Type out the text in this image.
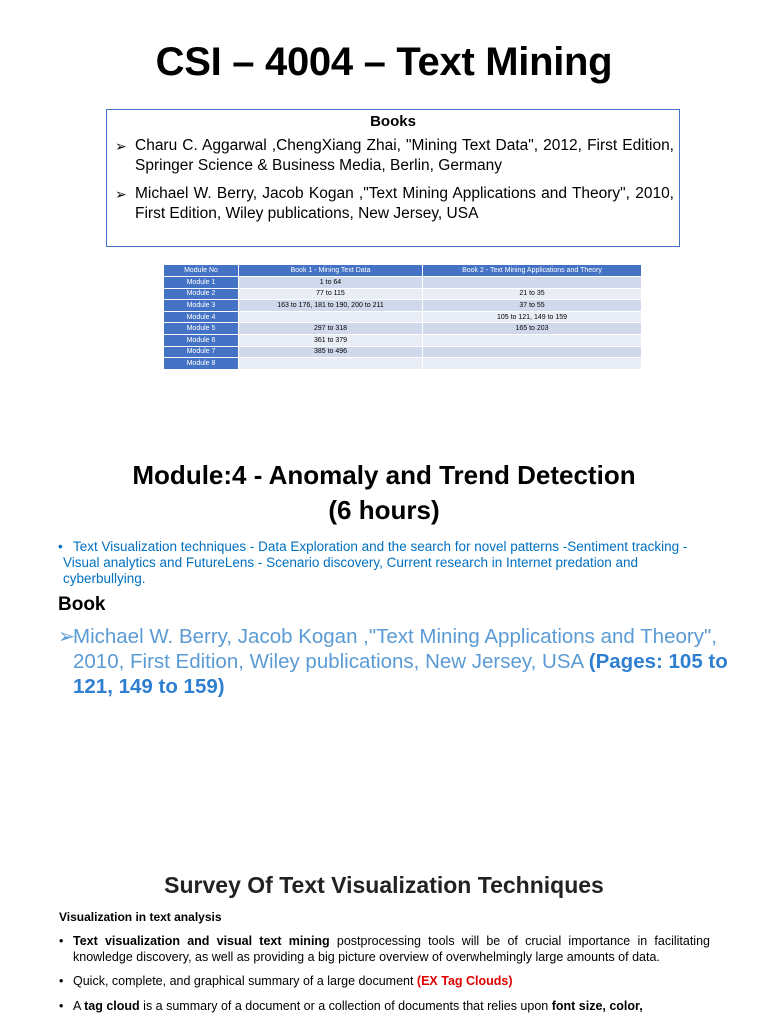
CSI – 4004 – Text Mining
Books
➢ Charu C. Aggarwal ,ChengXiang Zhai, "Mining Text Data", 2012, First Edition, Springer Science & Business Media, Berlin, Germany
➢ Michael W. Berry, Jacob Kogan ,"Text Mining Applications and Theory", 2010, First Edition, Wiley publications, New Jersey, USA
Module No	Book 1 - Mining Text Data	Book 2 - Text Mining Applications and Theory
Module 1	1 to 64	
Module 2	77 to 115	21 to 35
Module 3	163 to 176, 181 to 190, 200 to 211	37 to 55
Module 4		105 to 121, 149 to 159
Module 5	297 to 318	165 to 203
Module 6	361 to 379	
Module 7	385 to 496	
Module 8		
Module:4 - Anomaly and Trend Detection
(6 hours)

• Text Visualization techniques - Data Exploration and the search for novel patterns -Sentiment tracking - Visual analytics and FutureLens - Scenario discovery, Current research in Internet predation and cyberbullying.

Book

➢
Michael W. Berry, Jacob Kogan ,"Text Mining Applications and Theory", 2010, First Edition, Wiley publications, New Jersey, USA (Pages: 105 to 121, 149 to 159)

Survey Of Text Visualization Techniques

Visualization in text analysis

• Text visualization and visual text mining postprocessing tools will be of crucial importance in facilitating knowledge discovery, as well as providing a big picture overview of overwhelmingly large amounts of data.
• Quick, complete, and graphical summary of a large document (EX Tag Clouds)
• A tag cloud is a summary of a document or a collection of documents that relies upon font size, color,
